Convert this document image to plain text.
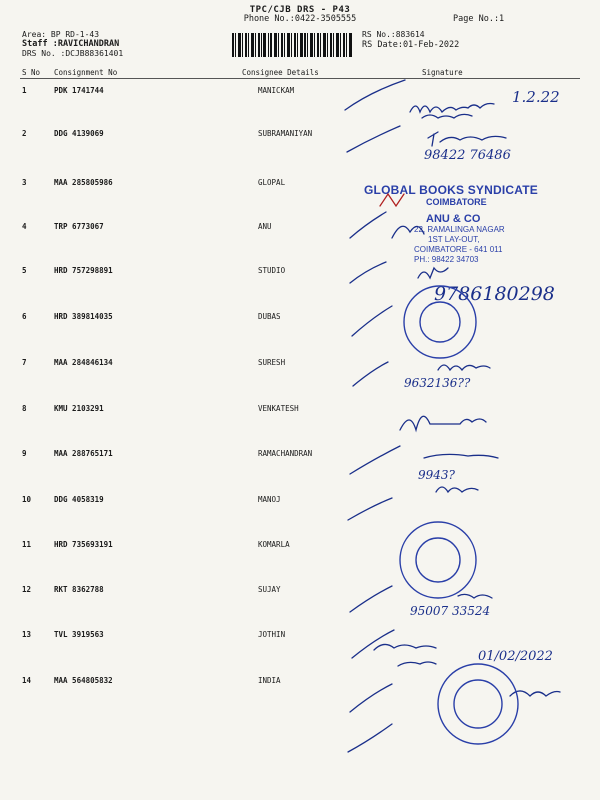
TPC/CJB DRS - P43
Phone No.:0422-3505555	Page No.:1
Area: BP RD-1-43
Staff :RAVICHANDRAN
DRS No. :DCJB88361401
RS No.:883614
RS Date:01-Feb-2022
S No Consignment No	Consignee Details	Signature
1	PDK 1741744	MANICKAM
2	DDG 4139069	SUBRAMANIYAN
3	MAA 285805986	GLOPAL
4	TRP 6773067	ANU
5	HRD 757298891	STUDIO
6	HRD 389814035	DUBAS
7	MAA 284846134	SURESH
8	KMU 2103291	VENKATESH
9	MAA 288765171	RAMACHANDRAN
10	DDG 4058319	MANOJ
11	HRD 735693191	KOMARLA
12	RKT 8362788	SUJAY
13	TVL 3919563	JOTHIN
14	MAA 564805832	INDIA
GLOBAL BOOKS SYNDICATE
COIMBATORE
ANU & CO
22, RAMALINGA NAGAR
1ST LAY-OUT,
COIMBATORE - 641 011
PH.: 98422 34703
1.2.22
98422 76486
9786180298
9632136??
9943?
95007 33524
01/02/2022
